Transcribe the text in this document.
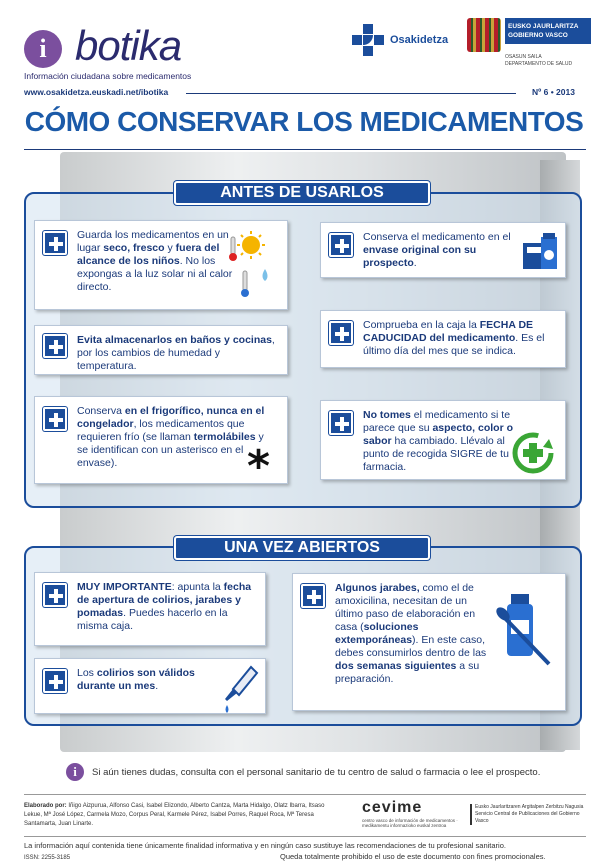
i botika
Información ciudadana sobre medicamentos
Osakidetza
EUSKO JAURLARITZA
GOBIERNO VASCO
OSASUN SAILA
DEPARTAMENTO DE SALUD
www.osakidetza.euskadi.net/ibotika	Nº 6 • 2013
CÓMO CONSERVAR LOS MEDICAMENTOS
ANTES DE USARLOS
Guarda los medicamentos en un lugar seco, fresco y fuera del alcance de los niños. No los expongas a la luz solar ni al calor directo.
Conserva el medicamento en el envase original con su prospecto.
Evita almacenarlos en baños y cocinas, por los cambios de humedad y temperatura.
Comprueba en la caja la FECHA DE CADUCIDAD del medicamento. Es el último día del mes que se indica.
Conserva en el frigorífico, nunca en el congelador, los medicamentos que requieren frío (se llaman termolábiles y se identifican con un asterisco en el envase).	*
No tomes el medicamento si te parece que su aspecto, color o sabor ha cambiado. Llévalo al punto de recogida SIGRE de tu farmacia.
UNA VEZ ABIERTOS
MUY IMPORTANTE: apunta la fecha de apertura de colirios, jarabes y pomadas. Puedes hacerlo en la misma caja.
Algunos jarabes, como el de amoxicilina, necesitan de un último paso de elaboración en casa (soluciones extemporáneas). En este caso, debes consumirlos dentro de las dos semanas siguientes a su preparación.
Los colirios son válidos durante un mes.
i	Si aún tienes dudas, consulta con el personal sanitario de tu centro de salud o farmacia o lee el prospecto.
Elaborado por: Iñigo Aizpurua, Alfonso Casi, Isabel Elizondo, Alberto Cantza, Marta Hidalgo, Olatz Ibarra, Itsaso Lekue, Mª José López, Carmela Mozo, Corpus Peral, Karmele Pérez, Isabel Porres, Raquel Roca, Mª Teresa Santamarta, Juan Linarte.
cevime
centro vasco de información de medicamentos · medikamentu informazioko euskal zentroa
Eusko Jaurlaritzaren Argitalpen Zerbitzu Nagusia
Servicio Central de Publicaciones del Gobierno Vasco
La información aquí contenida tiene únicamente finalidad informativa y en ningún caso sustituye las recomendaciones de tu profesional sanitario.
ISSN: 2255-3185	Queda totalmente prohibido el uso de este documento con fines promocionales.
